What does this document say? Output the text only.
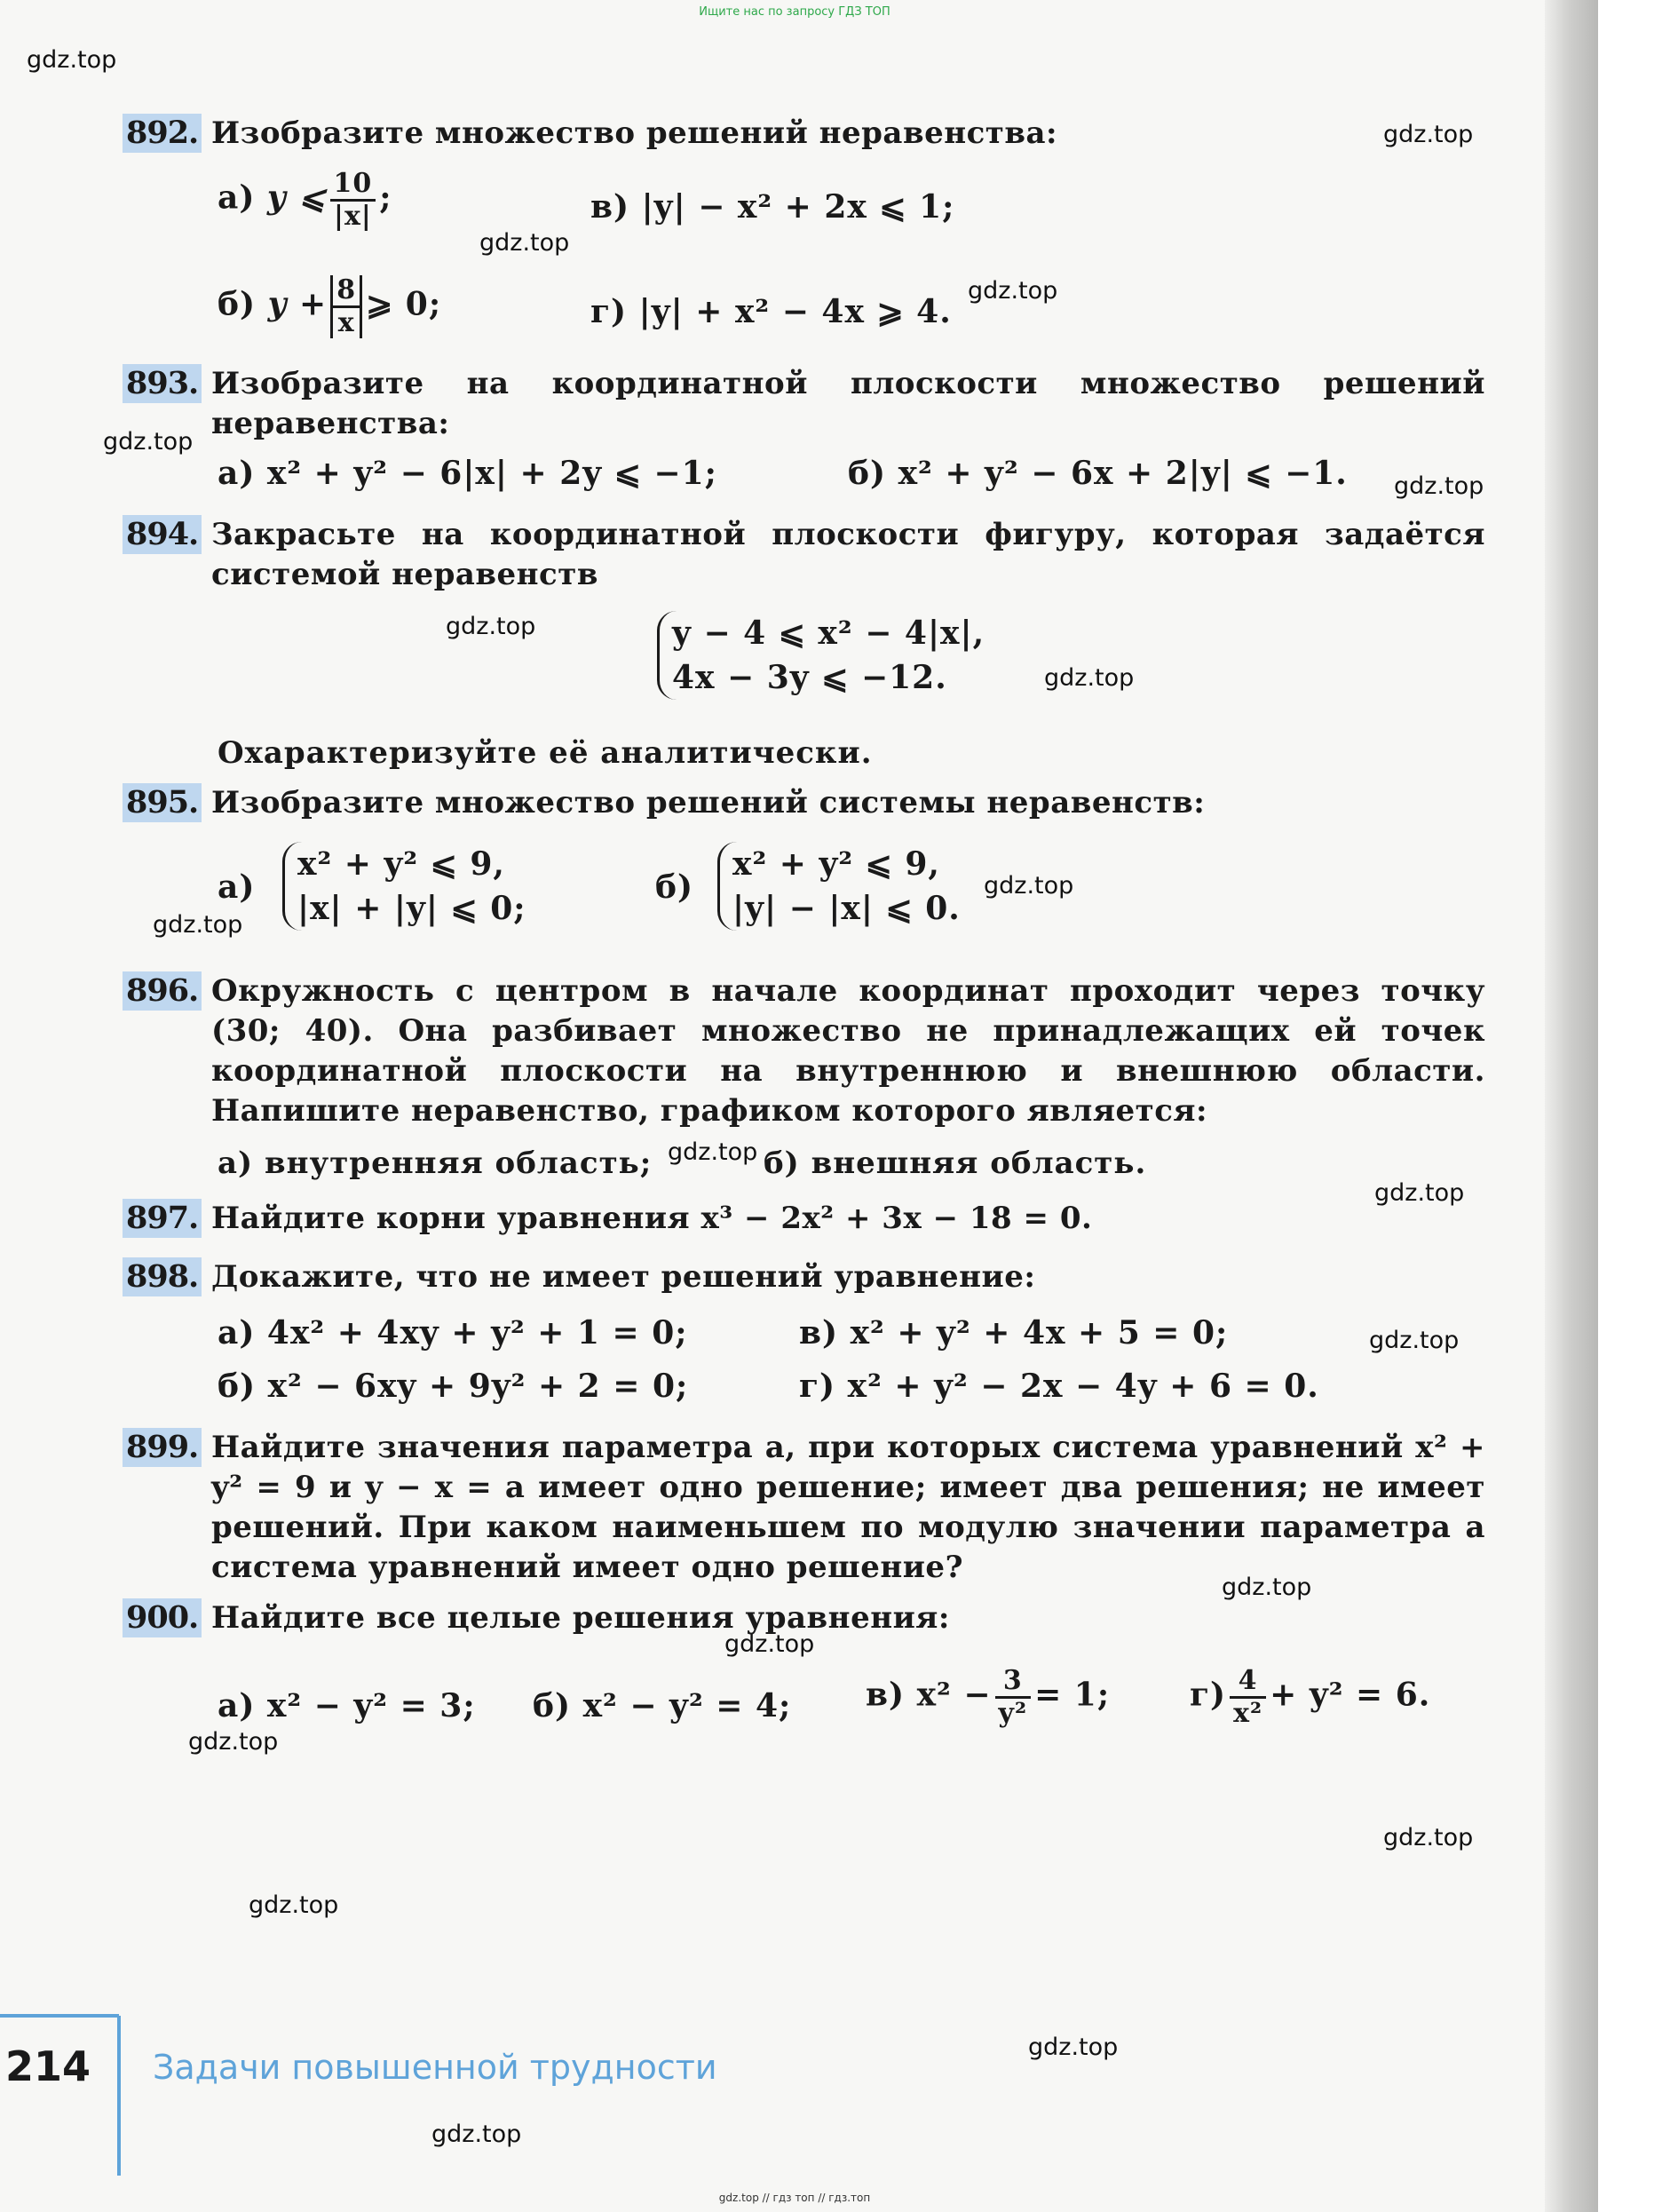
Ищите нас по запросу ГДЗ ТОП
gdz.top
gdz.top
gdz.top
gdz.top
gdz.top
gdz.top
gdz.top
gdz.top
gdz.top
gdz.top
gdz.top
gdz.top
gdz.top
gdz.top
gdz.top
gdz.top
gdz.top
gdz.top
gdz.top
gdz.top
892. Изобразите множество решений неравенства:
а) y ⩽ $\frac{10}{|x|}$ ;	в) |y| − x² + 2x ⩽ 1;
б) $y + \frac{8}{x}$ ⩾ 0;	г) |y| + x² − 4x ⩾ 4.
893. Изобразите на координатной плоскости множество решений неравенства:
а) x² + y² − 6|x| + 2y ⩽ −1;	б) x² + y² − 6x + 2|y| ⩽ −1.
894. Закрасьте на координатной плоскости фигуру, которая задаётся системой неравенств
y − 4 ⩽ x² − 4|x|,
4x − 3y ⩽ −12.
Охарактеризуйте её аналитически.
895. Изобразите множество решений системы неравенств:
а)
x² + y² ⩽ 9,
|x| + |y| ⩽ 0;
б)
x² + y² ⩽ 9,
|y| − |x| ⩽ 0.
896. Окружность с центром в начале координат проходит через точку (30; 40). Она разбивает множество не принадлежащих ей точек координатной плоскости на внутреннюю и внешнюю области. Напишите неравенство, графиком которого является:
а) внутренняя область;	б) внешняя область.
897. Найдите корни уравнения x³ − 2x² + 3x − 18 = 0.
898. Докажите, что не имеет решений уравнение:
а) 4x² + 4xy + y² + 1 = 0;	в) x² + y² + 4x + 5 = 0;
б) x² − 6xy + 9y² + 2 = 0;	г) x² + y² − 2x − 4y + 6 = 0.
899. Найдите значения параметра a, при которых система уравнений x² + y² = 9 и y − x = a имеет одно решение; имеет два решения; не имеет решений. При каком наименьшем по модулю значении параметра a система уравнений имеет одно решение?
900. Найдите все целые решения уравнения:
а) x² − y² = 3; б) x² − y² = 4; в) $x^2 - \frac{3}{\text{y²}} = 1$; $г) \frac{4}{\text{x²}} + y^2 = 6$.
214 Задачи повышенной трудности
gdz.top // гдз топ // гдз.топ
